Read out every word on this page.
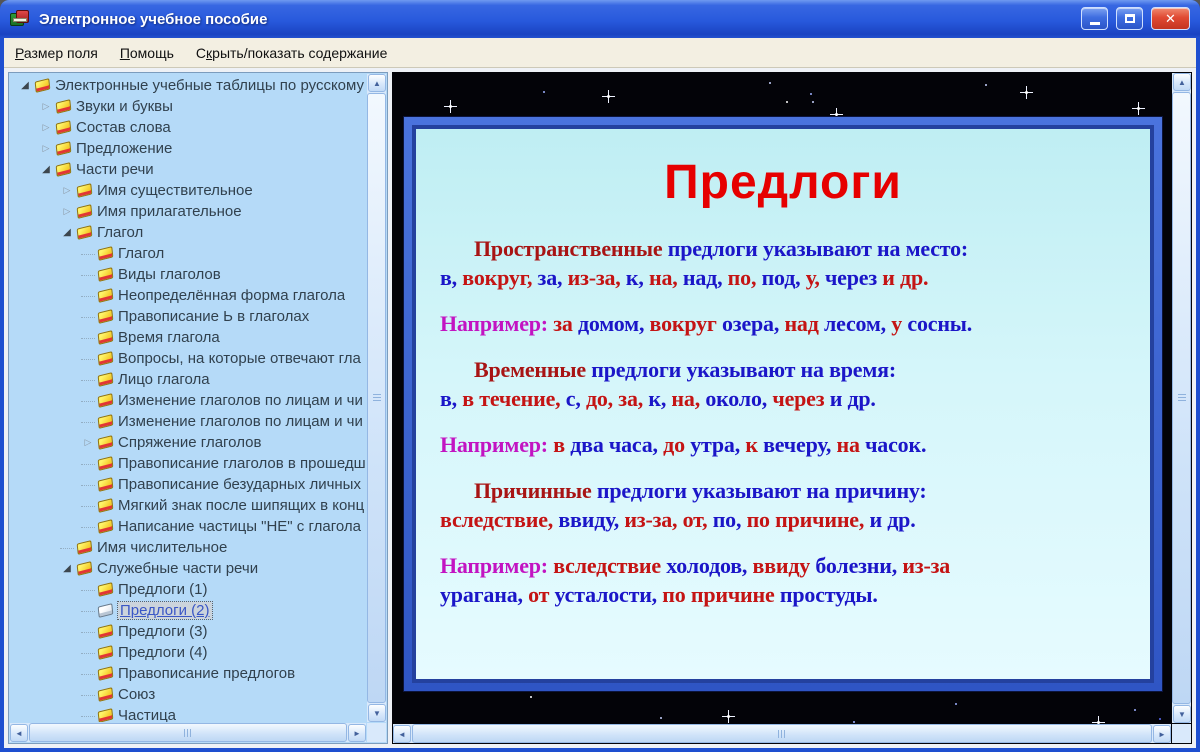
Электронное учебное пособие	✕
Размер поля	Помощь	Скрыть/показать содержание
◢	Электронные учебные таблицы по русскому
▷	Звуки и буквы
▷	Состав слова
▷	Предложение
◢	Части речи
▷	Имя существительное
▷	Имя прилагательное
◢	Глагол
Глагол
Виды глаголов
Неопределённая форма глагола
Правописание Ь в глаголах
Время глагола
Вопросы, на которые отвечают гла
Лицо глагола
Изменение глаголов по лицам и чи
Изменение глаголов по лицам и чи
▷	Спряжение глаголов
Правописание глаголов в прошедш
Правописание безударных личных
Мягкий знак после шипящих в конц
Написание частицы "НЕ" с глагола
Имя числительное
◢	Служебные части речи
Предлоги (1)
Предлоги (2)
Предлоги (3)
Предлоги (4)
Правописание предлогов
Союз
Частица
▲
▼
◄	►
Предлоги
Пространственные предлоги указывают на место:
в, вокруг, за, из-за, к, на, над, по, под, у, через и др.
Например: за домом, вокруг озера, над лесом, у сосны.
Временные предлоги указывают на время:
в, в течение, с, до, за, к, на, около, через и др.
Например: в два часа, до утра, к вечеру, на часок.
Причинные предлоги указывают на причину:
вследствие, ввиду, из-за, от, по, по причине, и др.
Например: вследствие холодов, ввиду болезни, из-за
урагана, от усталости, по причине простуды.
▲
▼
◄	►
